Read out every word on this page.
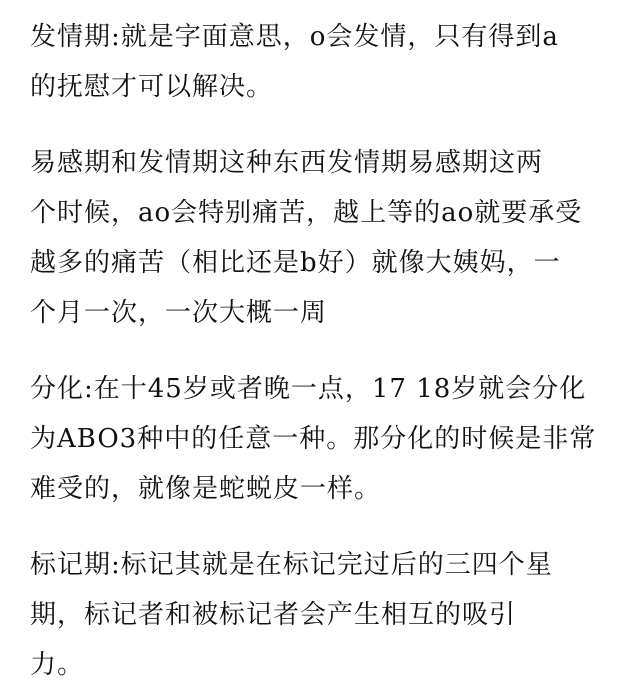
发情期:就是字面意思，o会发情，只有得到a
的抚慰才可以解决。
易感期和发情期这种东西发情期易感期这两
个时候，ao会特别痛苦，越上等的ao就要承受
越多的痛苦（相比还是b好）就像大姨妈，一
个月一次，一次大概一周
分化:在十45岁或者晚一点，17 18岁就会分化
为ABO3种中的任意一种。那分化的时候是非常
难受的，就像是蛇蜕皮一样。
标记期:标记其就是在标记完过后的三四个星
期，标记者和被标记者会产生相互的吸引
力。
